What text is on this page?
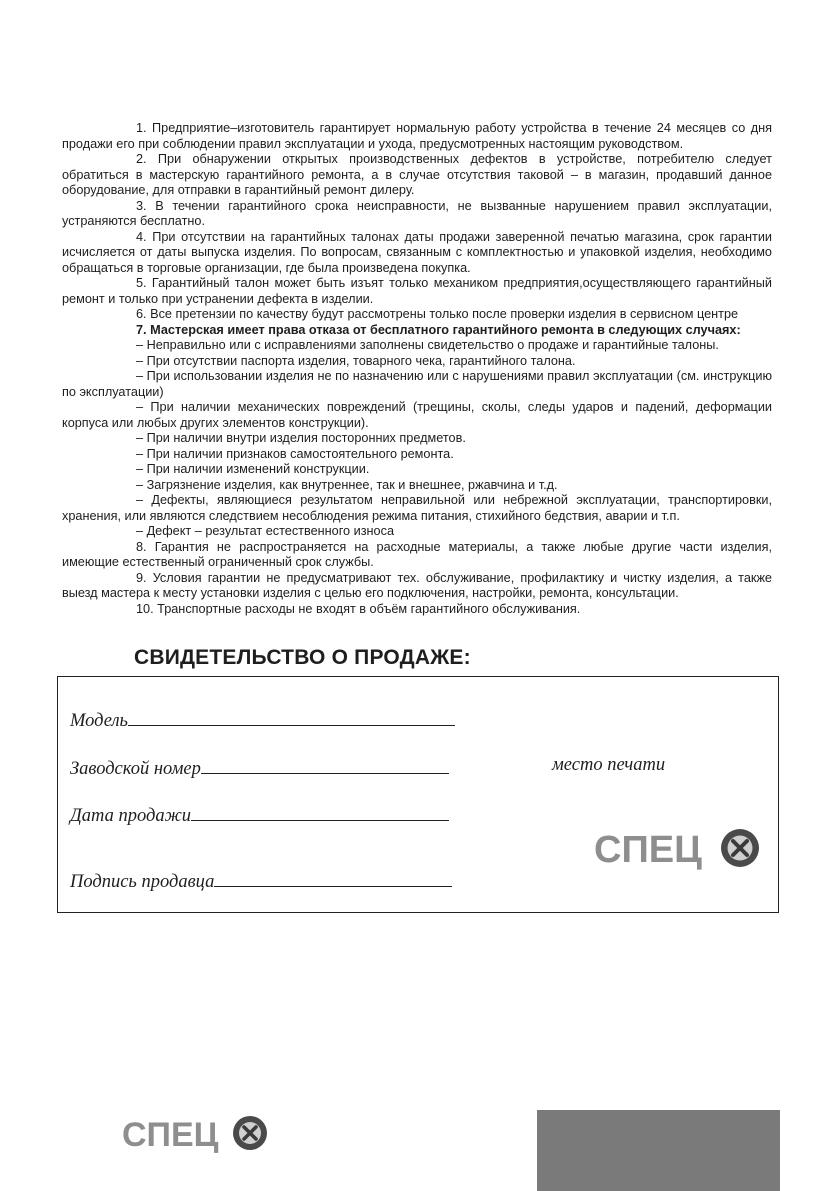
1. Предприятие–изготовитель гарантирует нормальную работу устройства в течение 24 месяцев со дня продажи его при соблюдении правил эксплуатации и ухода, предусмотренных настоящим руководством.

2. При обнаружении открытых производственных дефектов в устройстве, потребителю следует обратиться в мастерскую гарантийного ремонта, а в случае отсутствия таковой – в магазин, продавший данное оборудование, для отправки в гарантийный ремонт дилеру.

3. В течении гарантийного срока неисправности, не вызванные нарушением правил эксплуатации, устраняются бесплатно.

4. При отсутствии на гарантийных талонах даты продажи заверенной печатью магазина, срок гарантии исчисляется от даты выпуска изделия. По вопросам, связанным с комплектностью и упаковкой изделия, необходимо обращаться в торговые организации, где была произведена покупка.

5. Гарантийный талон может быть изъят только механиком предприятия,осуществляющего гарантийный ремонт и только при устранении дефекта в изделии.

6. Все претензии по качеству будут рассмотрены только после проверки изделия в сервисном центре

7. Мастерская имеет права отказа от бесплатного гарантийного ремонта в следующих случаях:

– Неправильно или с исправлениями заполнены свидетельство о продаже и гарантийные талоны.

– При отсутствии паспорта изделия, товарного чека, гарантийного талона.

– При использовании изделия не по назначению или с нарушениями правил эксплуатации (см. инструкцию по эксплуатации)

– При наличии механических повреждений (трещины, сколы, следы ударов и падений, деформации корпуса или любых других элементов конструкции).

– При наличии внутри изделия посторонних предметов.

– При наличии признаков самостоятельного ремонта.

– При наличии изменений конструкции.

– Загрязнение изделия, как внутреннее, так и внешнее, ржавчина и т.д.

– Дефекты, являющиеся результатом неправильной или небрежной эксплуатации, транспортировки, хранения, или являются следствием несоблюдения режима питания, стихийного бедствия, аварии и т.п.

– Дефект – результат естественного износа

8. Гарантия не распространяется на расходные материалы, а также любые другие части изделия, имеющие естественный ограниченный срок службы.

9. Условия гарантии не предусматривают тех. обслуживание, профилактику и чистку изделия, а также выезд мастера к месту установки изделия с целью его подключения, настройки, ремонта, консультации.

10. Транспортные расходы не входят в объём гарантийного обслуживания.

СВИДЕТЕЛЬСТВО О ПРОДАЖЕ:
Модель
Заводской номер
Дата продажи
Подпись продавца
место печати
СПЕЦ
СПЕЦ
